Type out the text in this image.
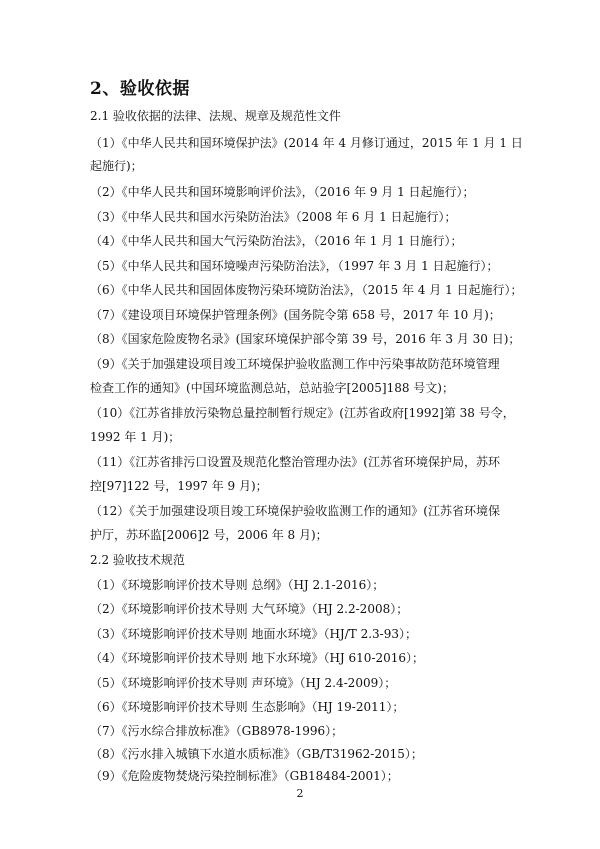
2、验收依据
2.1 验收依据的法律、法规、规章及规范性文件
（1）《中华人民共和国环境保护法》(2014 年 4 月修订通过，2015 年 1 月 1 日
起施行)；
（2）《中华人民共和国环境影响评价法》，（2016 年 9 月 1 日起施行）；
（3）《中华人民共和国水污染防治法》（2008 年 6 月 1 日起施行）；
（4）《中华人民共和国大气污染防治法》，（2016 年 1 月 1 日施行）；
（5）《中华人民共和国环境噪声污染防治法》，（1997 年 3 月 1 日起施行）；
（6）《中华人民共和国固体废物污染环境防治法》，（2015 年 4 月 1 日起施行）；
（7）《建设项目环境保护管理条例》(国务院令第 658 号，2017 年 10 月)；
（8）《国家危险废物名录》(国家环境保护部令第 39 号，2016 年 3 月 30 日)；
（9）《关于加强建设项目竣工环境保护验收监测工作中污染事故防范环境管理
检查工作的通知》(中国环境监测总站，总站验字[2005]188 号文)；
（10）《江苏省排放污染物总量控制暂行规定》(江苏省政府[1992]第 38 号令，
1992 年 1 月)；
（11）《江苏省排污口设置及规范化整治管理办法》(江苏省环境保护局，苏环
控[97]122 号，1997 年 9 月)；
（12）《关于加强建设项目竣工环境保护验收监测工作的通知》(江苏省环境保
护厅，苏环监[2006]2 号，2006 年 8 月)；
2.2 验收技术规范
（1）《环境影响评价技术导则 总纲》（HJ 2.1-2016）；
（2）《环境影响评价技术导则 大气环境》（HJ 2.2-2008）；
（3）《环境影响评价技术导则 地面水环境》（HJ/T 2.3-93）；
（4）《环境影响评价技术导则 地下水环境》（HJ 610-2016）；
（5）《环境影响评价技术导则 声环境》（HJ 2.4-2009）；
（6）《环境影响评价技术导则 生态影响》（HJ 19-2011）；
（7）《污水综合排放标准》（GB8978-1996）；
（8）《污水排入城镇下水道水质标准》（GB/T31962-2015）；
（9）《危险废物焚烧污染控制标准》（GB18484-2001）；
2
